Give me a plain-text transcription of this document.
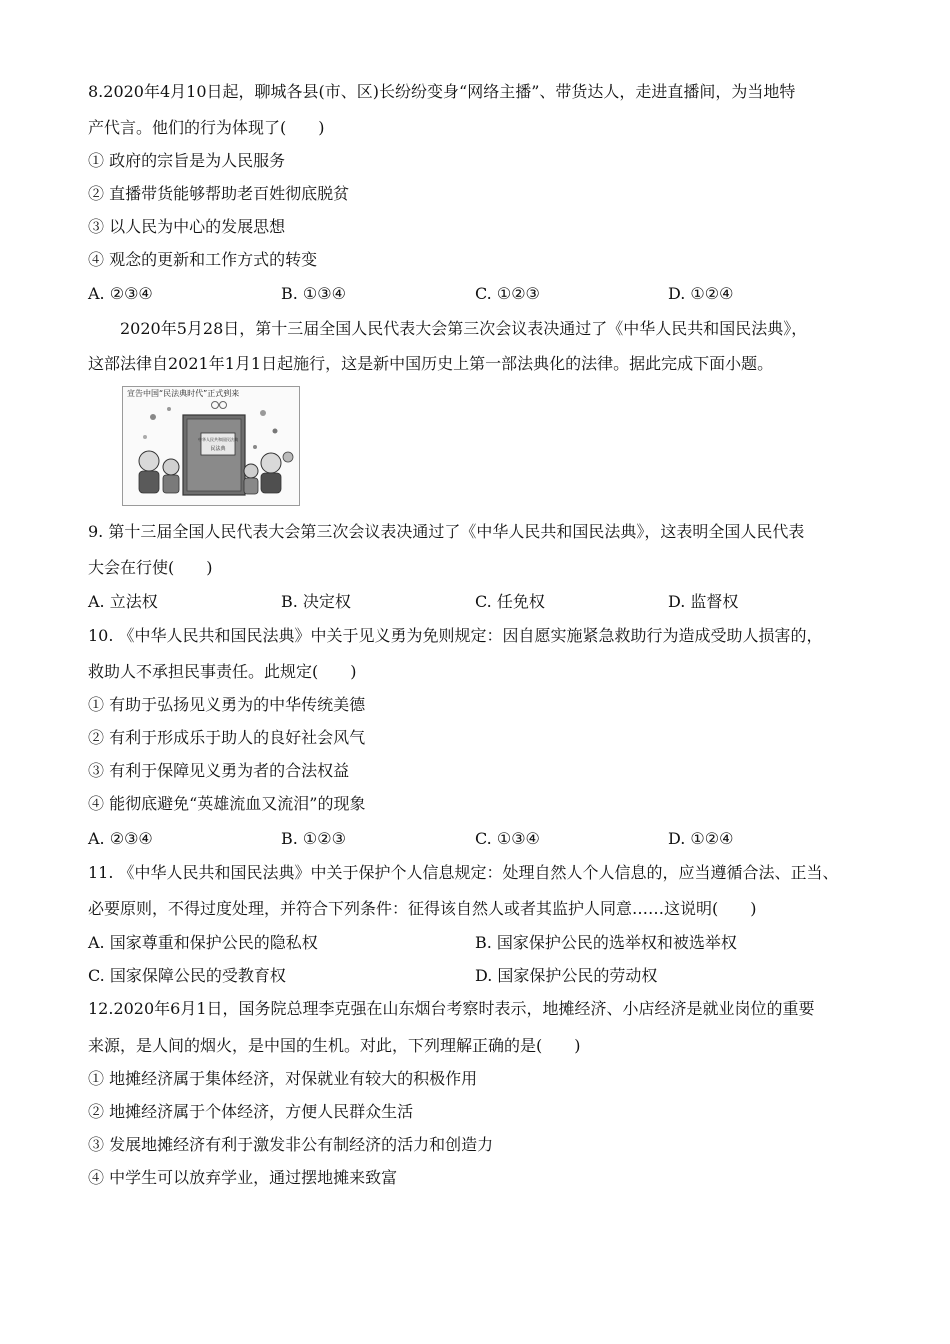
8.2020年4月10日起，聊城各县(市、区)长纷纷变身“网络主播”、带货达人，走进直播间，为当地特
产代言。他们的行为体现了(　　)
① 政府的宗旨是为人民服务
② 直播带货能够帮助老百姓彻底脱贫
③ 以人民为中心的发展思想
④ 观念的更新和工作方式的转变
A. ②③④	B. ①③④	C. ①②③	D. ①②④
2020年5月28日，第十三届全国人民代表大会第三次会议表决通过了《中华人民共和国民法典》，
这部法律自2021年1月1日起施行，这是新中国历史上第一部法典化的法律。据此完成下面小题。
宣告中国“民法典时代”正式到来
中华人民共和国民法典
民法典
9. 第十三届全国人民代表大会第三次会议表决通过了《中华人民共和国民法典》，这表明全国人民代表
大会在行使(　　)
A. 立法权	B. 决定权	C. 任免权	D. 监督权
10. 《中华人民共和国民法典》中关于见义勇为免则规定：因自愿实施紧急救助行为造成受助人损害的，
救助人不承担民事责任。此规定(　　)
① 有助于弘扬见义勇为的中华传统美德
② 有利于形成乐于助人的良好社会风气
③ 有利于保障见义勇为者的合法权益
④ 能彻底避免“英雄流血又流泪”的现象
A. ②③④	B. ①②③	C. ①③④	D. ①②④
11. 《中华人民共和国民法典》中关于保护个人信息规定：处理自然人个人信息的，应当遵循合法、正当、
必要原则，不得过度处理，并符合下列条件：征得该自然人或者其监护人同意……这说明(　　)
A. 国家尊重和保护公民的隐私权	B. 国家保护公民的选举权和被选举权
C. 国家保障公民的受教育权	D. 国家保护公民的劳动权
12.2020年6月1日，国务院总理李克强在山东烟台考察时表示，地摊经济、小店经济是就业岗位的重要
来源，是人间的烟火，是中国的生机。对此，下列理解正确的是(　　)
① 地摊经济属于集体经济，对保就业有较大的积极作用
② 地摊经济属于个体经济，方便人民群众生活
③ 发展地摊经济有利于激发非公有制经济的活力和创造力
④ 中学生可以放弃学业，通过摆地摊来致富
